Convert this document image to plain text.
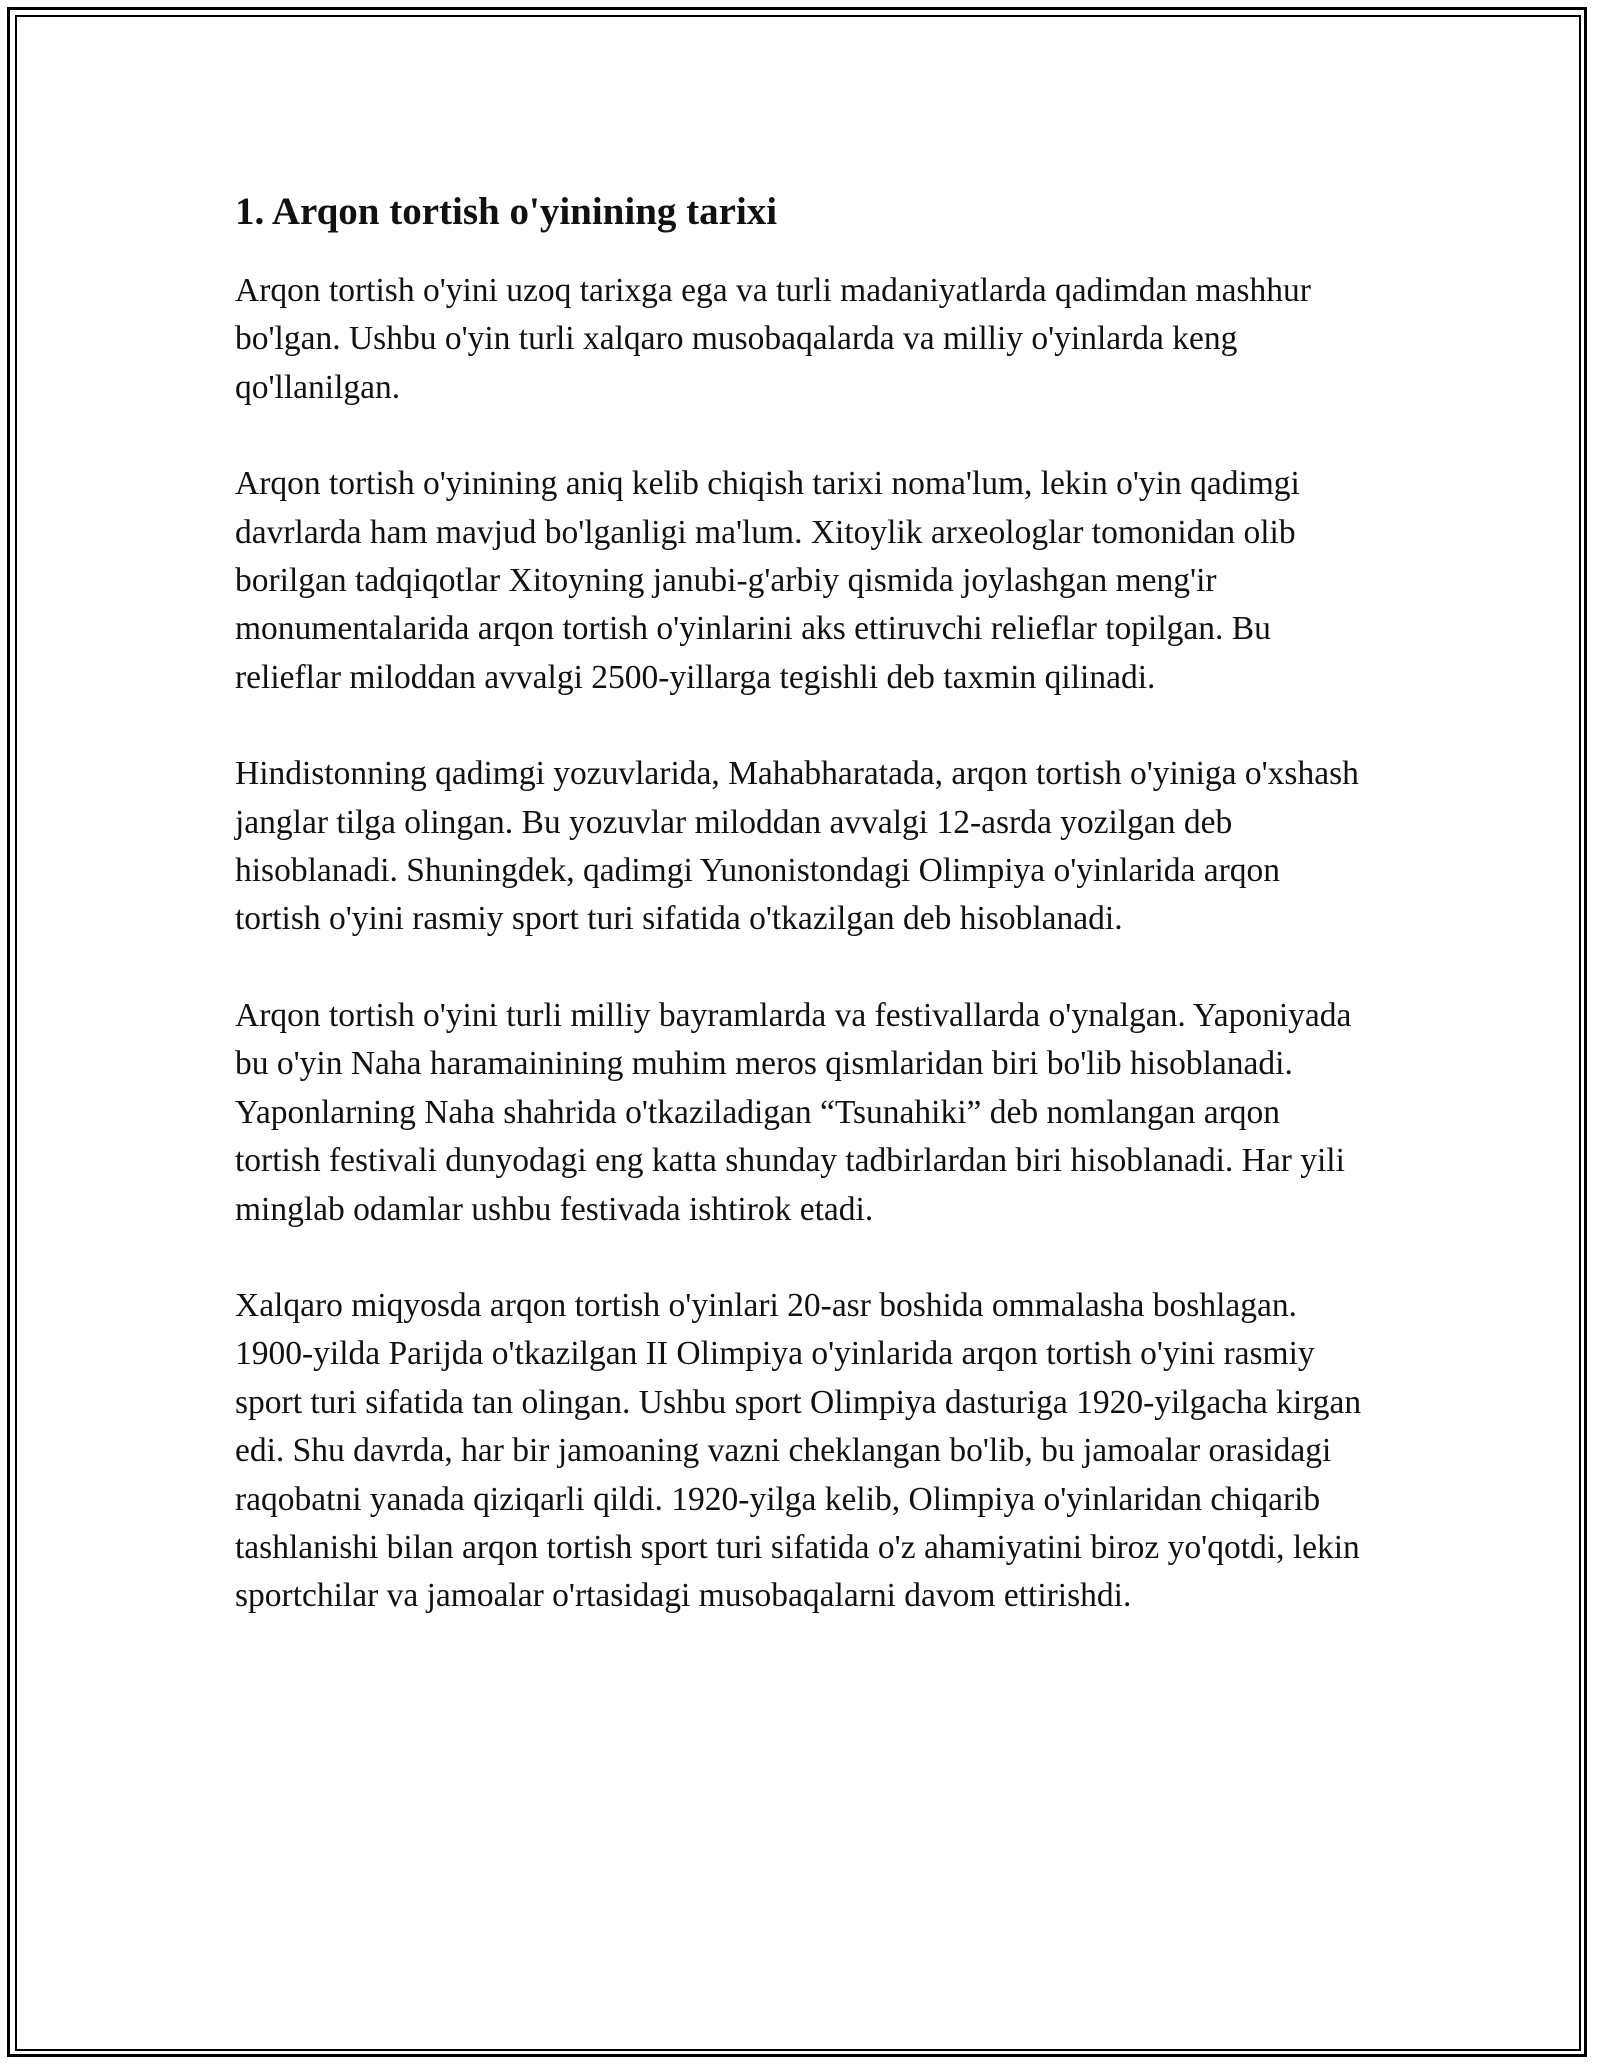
1. Arqon tortish o'yinining tarixi

Arqon tortish o'yini uzoq tarixga ega va turli madaniyatlarda qadimdan mashhur bo'lgan. Ushbu o'yin turli xalqaro musobaqalarda va milliy o'yinlarda keng qo'llanilgan.

Arqon tortish o'yinining aniq kelib chiqish tarixi noma'lum, lekin o'yin qadimgi davrlarda ham mavjud bo'lganligi ma'lum. Xitoylik arxeologlar tomonidan olib borilgan tadqiqotlar Xitoyning janubi-g'arbiy qismida joylashgan meng'ir monumentalarida arqon tortish o'yinlarini aks ettiruvchi relieflar topilgan. Bu relieflar miloddan avvalgi 2500-yillarga tegishli deb taxmin qilinadi.

Hindistonning qadimgi yozuvlarida, Mahabharatada, arqon tortish o'yiniga o'xshash janglar tilga olingan. Bu yozuvlar miloddan avvalgi 12-asrda yozilgan deb hisoblanadi. Shuningdek, qadimgi Yunonistondagi Olimpiya o'yinlarida arqon tortish o'yini rasmiy sport turi sifatida o'tkazilgan deb hisoblanadi.

Arqon tortish o'yini turli milliy bayramlarda va festivallarda o'ynalgan. Yaponiyada bu o'yin Naha haramainining muhim meros qismlaridan biri bo'lib hisoblanadi. Yaponlarning Naha shahrida o'tkaziladigan “Tsunahiki” deb nomlangan arqon tortish festivali dunyodagi eng katta shunday tadbirlardan biri hisoblanadi. Har yili minglab odamlar ushbu festivada ishtirok etadi.

Xalqaro miqyosda arqon tortish o'yinlari 20-asr boshida ommalasha boshlagan. 1900-yilda Parijda o'tkazilgan II Olimpiya o'yinlarida arqon tortish o'yini rasmiy sport turi sifatida tan olingan. Ushbu sport Olimpiya dasturiga 1920-yilgacha kirgan edi. Shu davrda, har bir jamoaning vazni cheklangan bo'lib, bu jamoalar orasidagi raqobatni yanada qiziqarli qildi. 1920-yilga kelib, Olimpiya o'yinlaridan chiqarib tashlanishi bilan arqon tortish sport turi sifatida o'z ahamiyatini biroz yo'qotdi, lekin sportchilar va jamoalar o'rtasidagi musobaqalarni davom ettirishdi.
